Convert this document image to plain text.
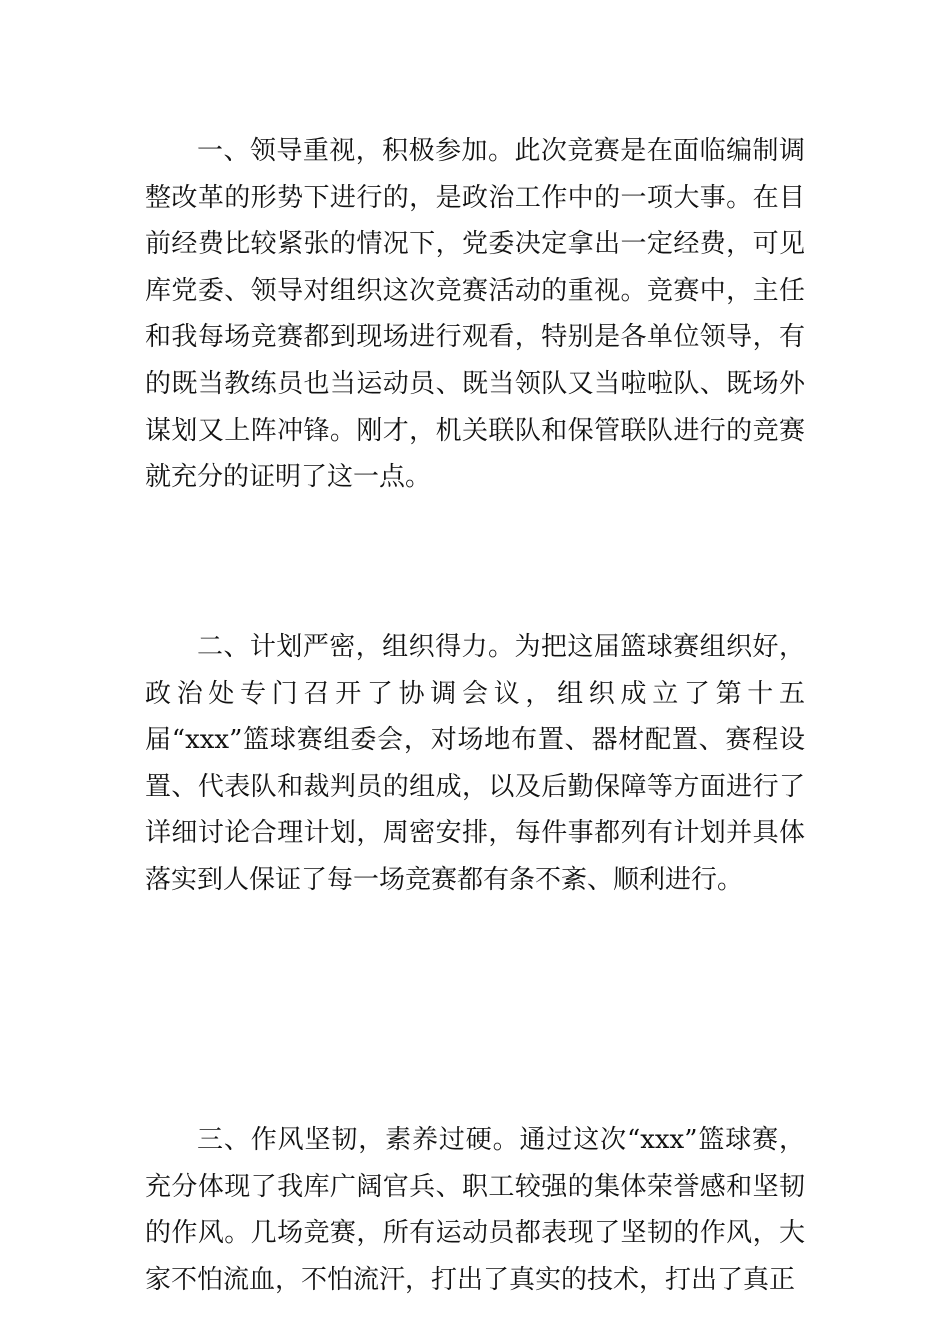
一、领导重视，积极参加。此次竞赛是在面临编制调整改革的形势下进行的，是政治工作中的一项大事。在目前经费比较紧张的情况下，党委决定拿出一定经费，可见库党委、领导对组织这次竞赛活动的重视。竞赛中，主任和我每场竞赛都到现场进行观看，特别是各单位领导，有的既当教练员也当运动员、既当领队又当啦啦队、既场外谋划又上阵冲锋。刚才，机关联队和保管联队进行的竞赛就充分的证明了这一点。

二、计划严密，组织得力。为把这届篮球赛组织好，政治处专门召开了协调会议，组织成立了第十五届“xxx”篮球赛组委会，对场地布置、器材配置、赛程设置、代表队和裁判员的组成，以及后勤保障等方面进行了详细讨论合理计划，周密安排，每件事都列有计划并具体落实到人保证了每一场竞赛都有条不紊、顺利进行。

三、作风坚韧，素养过硬。通过这次“xxx”篮球赛，充分体现了我库广阔官兵、职工较强的集体荣誉感和坚韧的作风。几场竞赛，所有运动员都表现了坚韧的作风，大家不怕流血，不怕流汗，打出了真实的技术，打出了真正
